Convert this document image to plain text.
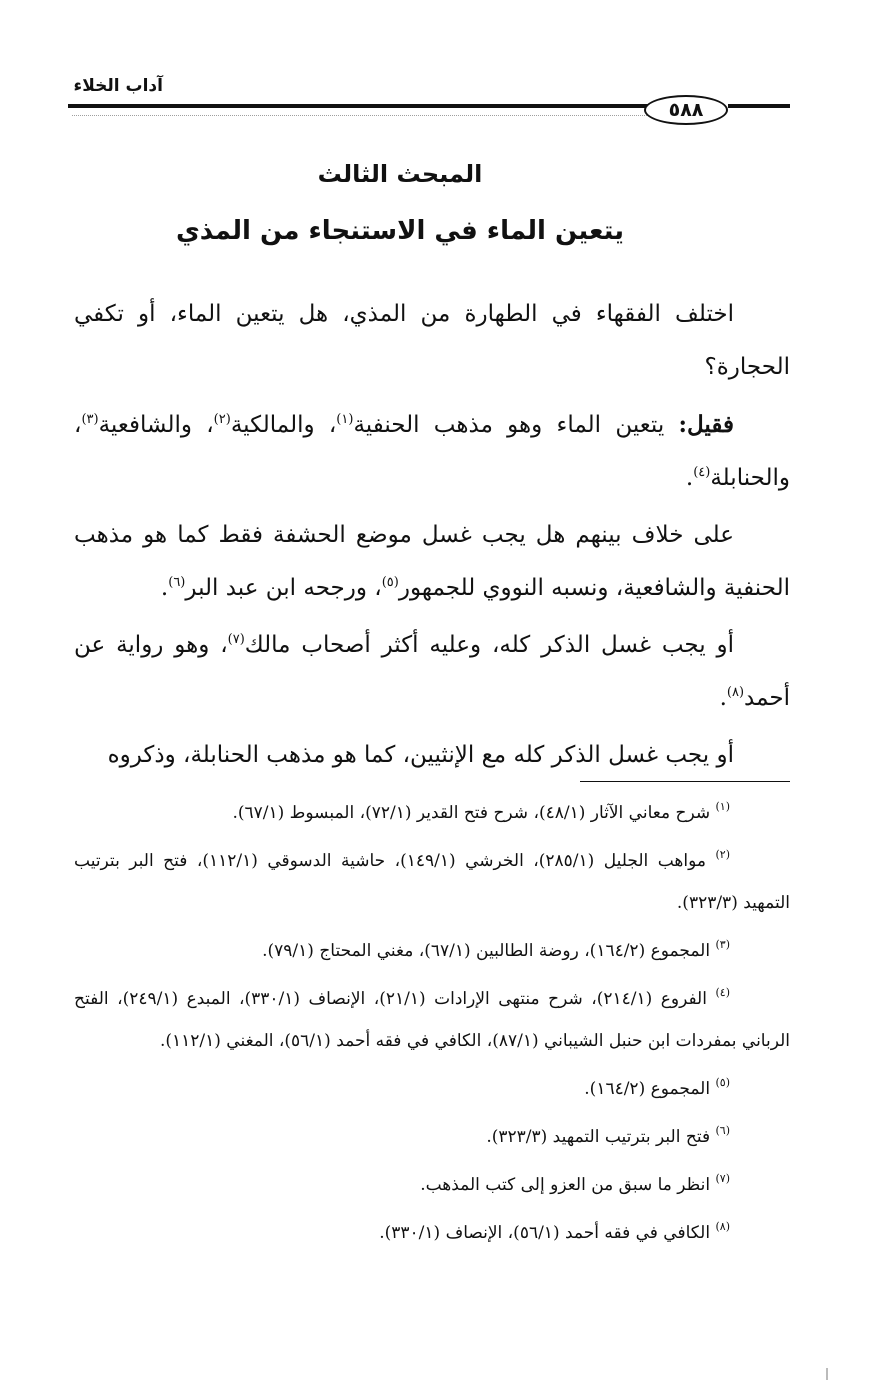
آداب الخلاء
٥٨٨
المبحث الثالث
يتعين الماء في الاستنجاء من المذي

اختلف الفقهاء في الطهارة من المذي، هل يتعين الماء، أو تكفي الحجارة؟

فقيل: يتعين الماء وهو مذهب الحنفية$^{(١)}$، والمالكية$^{(٢)}$، والشافعية$^{(٣)}$، والحنابلة$^{(٤)}$.

على خلاف بينهم هل يجب غسل موضع الحشفة فقط كما هو مذهب الحنفية والشافعية، ونسبه النووي للجمهور$^{(٥)}$، ورجحه ابن عبد البر$^{(٦)}$.

أو يجب غسل الذكر كله، وعليه أكثر أصحاب مالك$^{(٧)}$، وهو رواية عن أحمد$^{(٨)}$.

أو يجب غسل الذكر كله مع الإنثيين، كما هو مذهب الحنابلة، وذكروه

$^{(١)}$ شرح معاني الآثار (٤٨/١)، شرح فتح القدير (٧٢/١)، المبسوط (٦٧/١).

$^{(٢)}$ مواهب الجليل (٢٨٥/١)، الخرشي (١٤٩/١)، حاشية الدسوقي (١١٢/١)، فتح البر بترتيب التمهيد (٣٢٣/٣).

$^{(٣)}$ المجموع (١٦٤/٢)، روضة الطالبين (٦٧/١)، مغني المحتاج (٧٩/١).

$^{(٤)}$ الفروع (٢١٤/١)، شرح منتهى الإرادات (٢١/١)، الإنصاف (٣٣٠/١)، المبدع (٢٤٩/١)، الفتح الرباني بمفردات ابن حنبل الشيباني (٨٧/١)، الكافي في فقه أحمد (٥٦/١)، المغني (١١٢/١).

$^{(٥)}$ المجموع (١٦٤/٢).

$^{(٦)}$ فتح البر بترتيب التمهيد (٣٢٣/٣).

$^{(٧)}$ انظر ما سبق من العزو إلى كتب المذهب.

$^{(٨)}$ الكافي في فقه أحمد (٥٦/١)، الإنصاف (٣٣٠/١).
